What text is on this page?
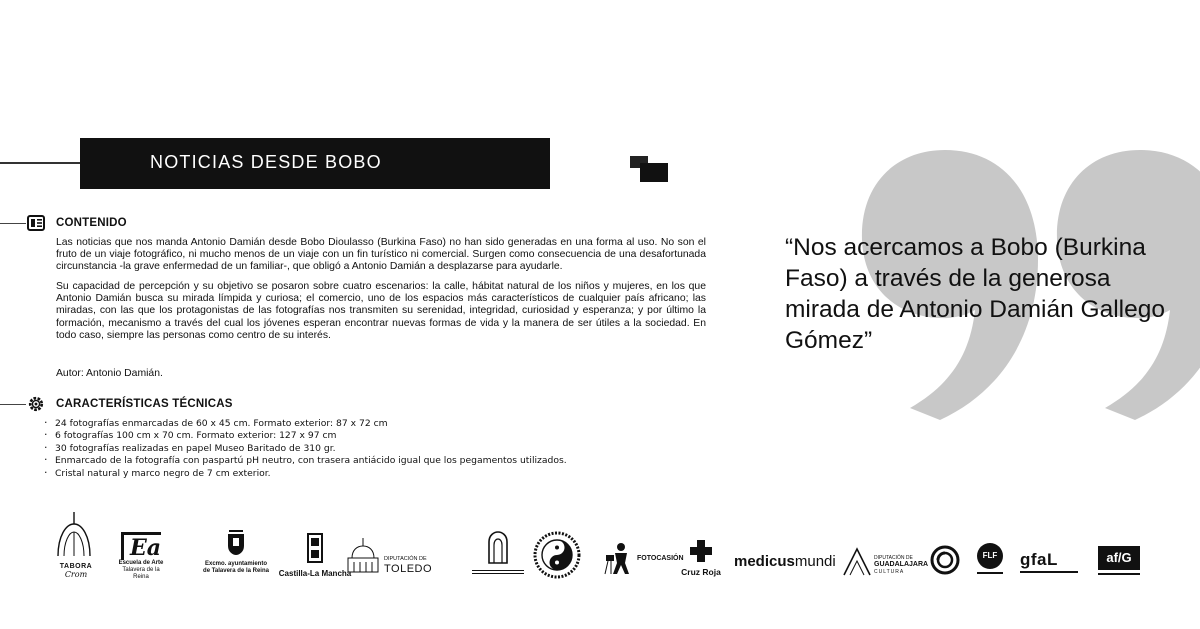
NOTICIAS DESDE BOBO
“Nos acercamos a Bobo (Burkina Faso) a través de la generosa mirada de Antonio Damián Gallego Gómez”
CONTENIDO

Las noticias que nos manda Antonio Damián desde Bobo Dioulasso (Burkina Faso) no han sido generadas en una forma al uso. No son el fruto de un viaje fotográfico, ni mucho menos de un viaje con un fin turístico ni comercial. Surgen como consecuencia de una desafortunada circunstancia -la grave enfermedad de un familiar-, que obligó a Antonio Damián a desplazarse para ayudarle.

Su capacidad de percepción y su objetivo se posaron sobre cuatro escenarios: la calle, hábitat natural de los niños y mujeres, en los que Antonio Damián busca su mirada límpida y curiosa; el comercio, uno de los espacios más característicos de cualquier país africano; las miradas, con las que los protagonistas de las fotografías nos transmiten su serenidad, integridad, curiosidad y esperanza; y por último la formación, mecanismo a través del cual los jóvenes esperan encontrar nuevas formas de vida y la manera de ser útiles a la sociedad. En todo caso, siempre las personas como centro de su interés.

Autor: Antonio Damián.
CARACTERÍSTICAS TÉCNICAS
· 24 fotografías enmarcadas de 60 x 45 cm. Formato exterior: 87 x 72 cm
· 6 fotografías 100 cm x 70 cm. Formato exterior: 127 x 97 cm
· 30 fotografías realizadas en papel Museo Baritado de 310 gr.
· Enmarcado de la fotografía con paspartú pH neutro, con trasera antiácido igual que los pegamentos utilizados.
· Cristal natural y marco negro de 7 cm exterior.
TABORA
Crom
Ea
Escuela de Arte
Talavera de la Reina
Excmo. ayuntamiento
de Talavera de la Reina	Castilla-La Mancha
DIPUTACIÓN DE
TOLEDO
FOTOCASIÓN
Cruz Roja
medicusmundi	DIPUTACIÓN DE
GUADALAJARA
CULTURA
FLF	gfaL	af/G
